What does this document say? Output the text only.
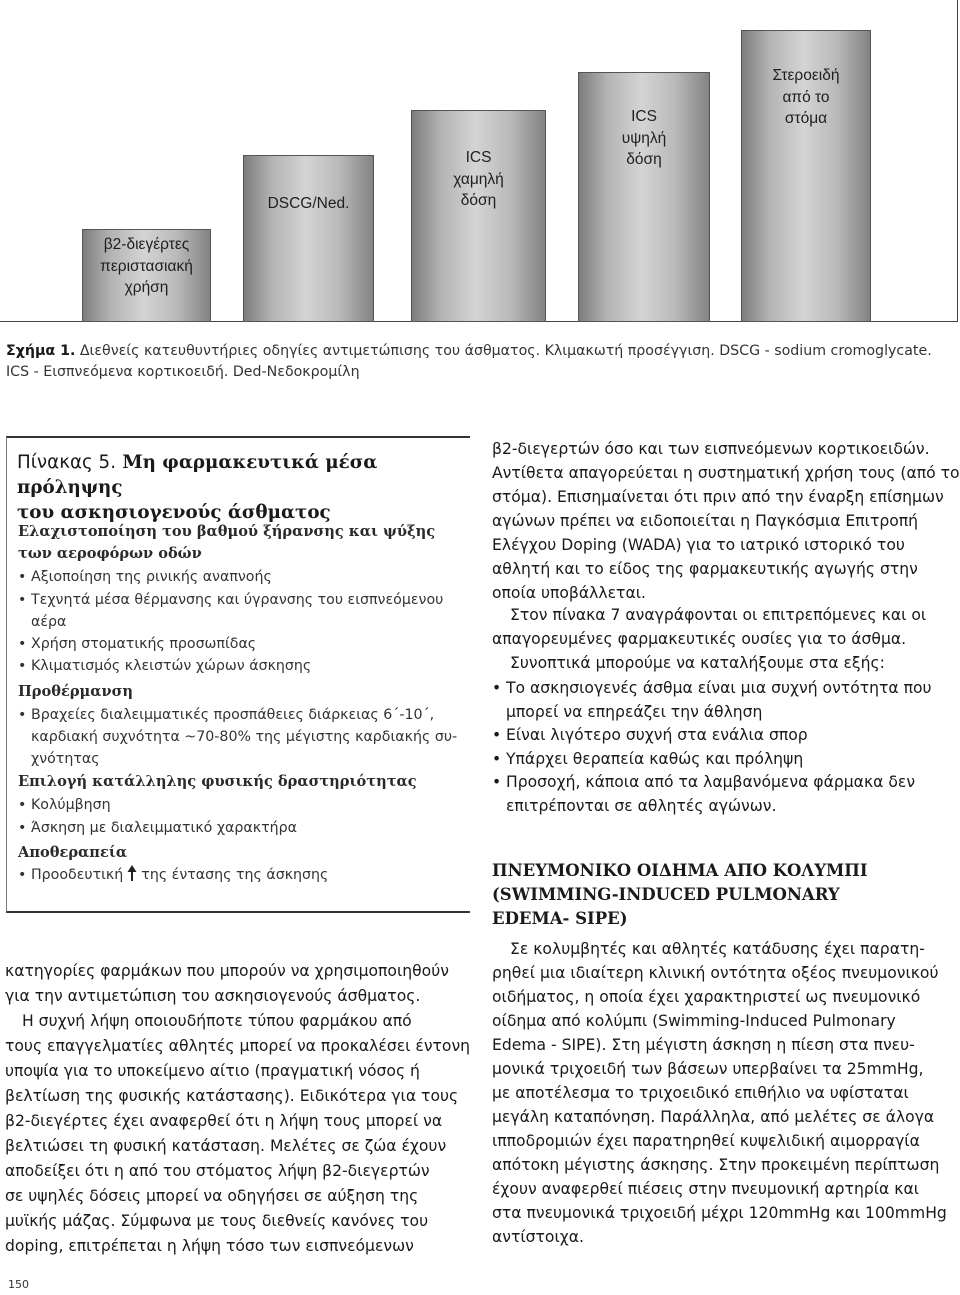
β2-διεγέρτες
περιστασιακή
χρήση
DSCG/Ned.
ICS
χαμηλή
δόση
ICS
υψηλή
δόση
Στεροειδή
από το
στόμα
Σχήμα 1. Διεθνείς κατευθυντήριες οδηγίες αντιμετώπισης του άσθματος. Κλιμακωτή προσέγγιση. DSCG - sodium cromoglycate.
ICS - Εισπνεόμενα κορτικοειδή. Ded-Νεδοκρομίλη
Πίνακας 5. Μη φαρμακευτικά μέσα πρόληψης
του ασκησιογενούς άσθματος
Ελαχιστοποίηση του βαθμού ξήρανσης και ψύξης
των αεροφόρων οδών
• Αξιοποίηση της ρινικής αναπνοής
• Τεχνητά μέσα θέρμανσης και ύγρανσης του εισπνεόμενου
αέρα
• Χρήση στοματικής προσωπίδας
• Κλιματισμός κλειστών χώρων άσκησης
Προθέρμανση
• Βραχείες διαλειμματικές προσπάθειες διάρκειας 6΄-10΄,
καρδιακή συχνότητα ~70-80% της μέγιστης καρδιακής συ-
χνότητας
Επιλογή κατάλληλης φυσικής δραστηριότητας
• Κολύμβηση
• Άσκηση με διαλειμματικό χαρακτήρα
Αποθεραπεία
• Προοδευτική της έντασης της άσκησης
κατηγορίες φαρμάκων που μπορούν να χρησιμοποιηθούν
για την αντιμετώπιση του ασκησιογενούς άσθματος.
Η συχνή λήψη οποιουδήποτε τύπου φαρμάκου από
τους επαγγελματίες αθλητές μπορεί να προκαλέσει έντονη
υποψία για το υποκείμενο αίτιο (πραγματική νόσος ή
βελτίωση της φυσικής κατάστασης). Ειδικότερα για τους
β2-διεγέρτες έχει αναφερθεί ότι η λήψη τους μπορεί να
βελτιώσει τη φυσική κατάσταση. Μελέτες σε ζώα έχουν
αποδείξει ότι η από του στόματος λήψη β2-διεγερτών
σε υψηλές δόσεις μπορεί να οδηγήσει σε αύξηση της
μυϊκής μάζας. Σύμφωνα με τους διεθνείς κανόνες του
doping, επιτρέπεται η λήψη τόσο των εισπνεόμενων
β2-διεγερτών όσο και των εισπνεόμενων κορτικοειδών.
Αντίθετα απαγορεύεται η συστηματική χρήση τους (από το
στόμα). Επισημαίνεται ότι πριν από την έναρξη επίσημων
αγώνων πρέπει να ειδοποιείται η Παγκόσμια Επιτροπή
Ελέγχου Doping (WADA) για το ιατρικό ιστορικό του
αθλητή και το είδος της φαρμακευτικής αγωγής στην
οποία υποβάλλεται.
Στον πίνακα 7 αναγράφονται οι επιτρεπόμενες και οι
απαγορευμένες φαρμακευτικές ουσίες για το άσθμα.
Συνοπτικά μπορούμε να καταλήξουμε στα εξής:
• Το ασκησιογενές άσθμα είναι μια συχνή οντότητα που
μπορεί να επηρεάζει την άθληση
• Είναι λιγότερο συχνή στα ενάλια σπορ
• Υπάρχει θεραπεία καθώς και πρόληψη
• Προσοχή, κάποια από τα λαμβανόμενα φάρμακα δεν
επιτρέπονται σε αθλητές αγώνων.
ΠΝΕΥΜΟΝΙΚΟ ΟΙΔΗΜΑ ΑΠΟ ΚΟΛΥΜΠΙ
(SWIMMING-INDUCED PULMONARY
EDEMA- SIPE)
Σε κολυμβητές και αθλητές κατάδυσης έχει παρατη-
ρηθεί μια ιδιαίτερη κλινική οντότητα οξέος πνευμονικού
οιδήματος, η οποία έχει χαρακτηριστεί ως πνευμονικό
οίδημα από κολύμπι (Swimming-Induced Pulmonary
Edema - SIPE). Στη μέγιστη άσκηση η πίεση στα πνευ-
μονικά τριχοειδή των βάσεων υπερβαίνει τα 25mmHg,
με αποτέλεσμα το τριχοειδικό επιθήλιο να υφίσταται
μεγάλη καταπόνηση. Παράλληλα, από μελέτες σε άλογα
ιπποδρομιών έχει παρατηρηθεί κυψελιδική αιμορραγία
απότοκη μέγιστης άσκησης. Στην προκειμένη περίπτωση
έχουν αναφερθεί πιέσεις στην πνευμονική αρτηρία και
στα πνευμονικά τριχοειδή μέχρι 120mmHg και 100mmHg
αντίστοιχα.
150
